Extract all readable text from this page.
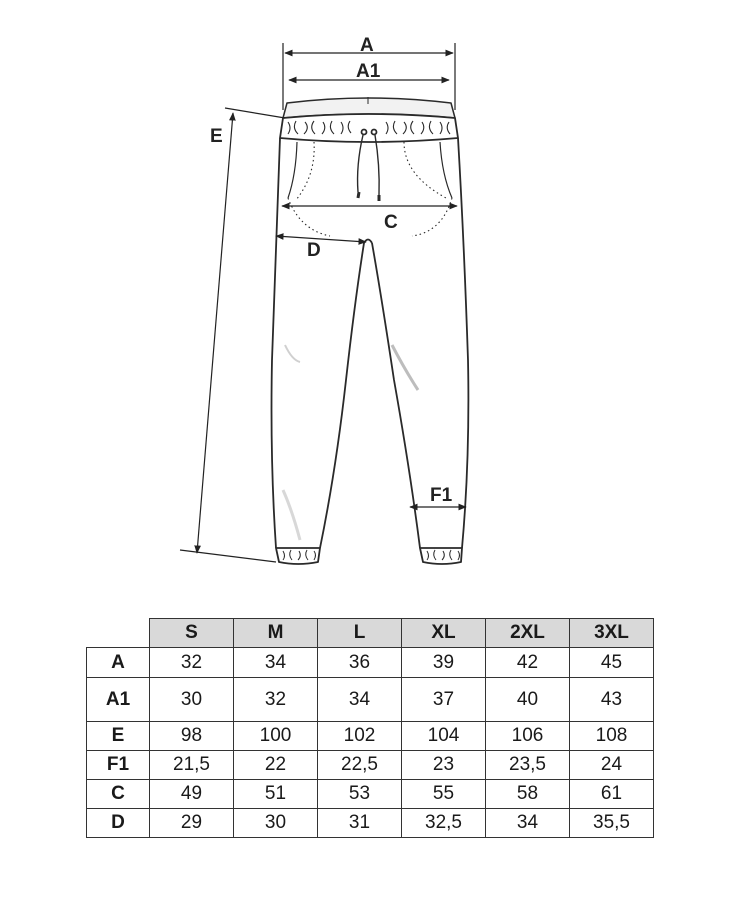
A
A1
E
C
D
F1
	S	M	L	XL	2XL	3XL
A	32	34	36	39	42	45
A1	30	32	34	37	40	43
E	98	100	102	104	106	108
F1	21,5	22	22,5	23	23,5	24
C	49	51	53	55	58	61
D	29	30	31	32,5	34	35,5
